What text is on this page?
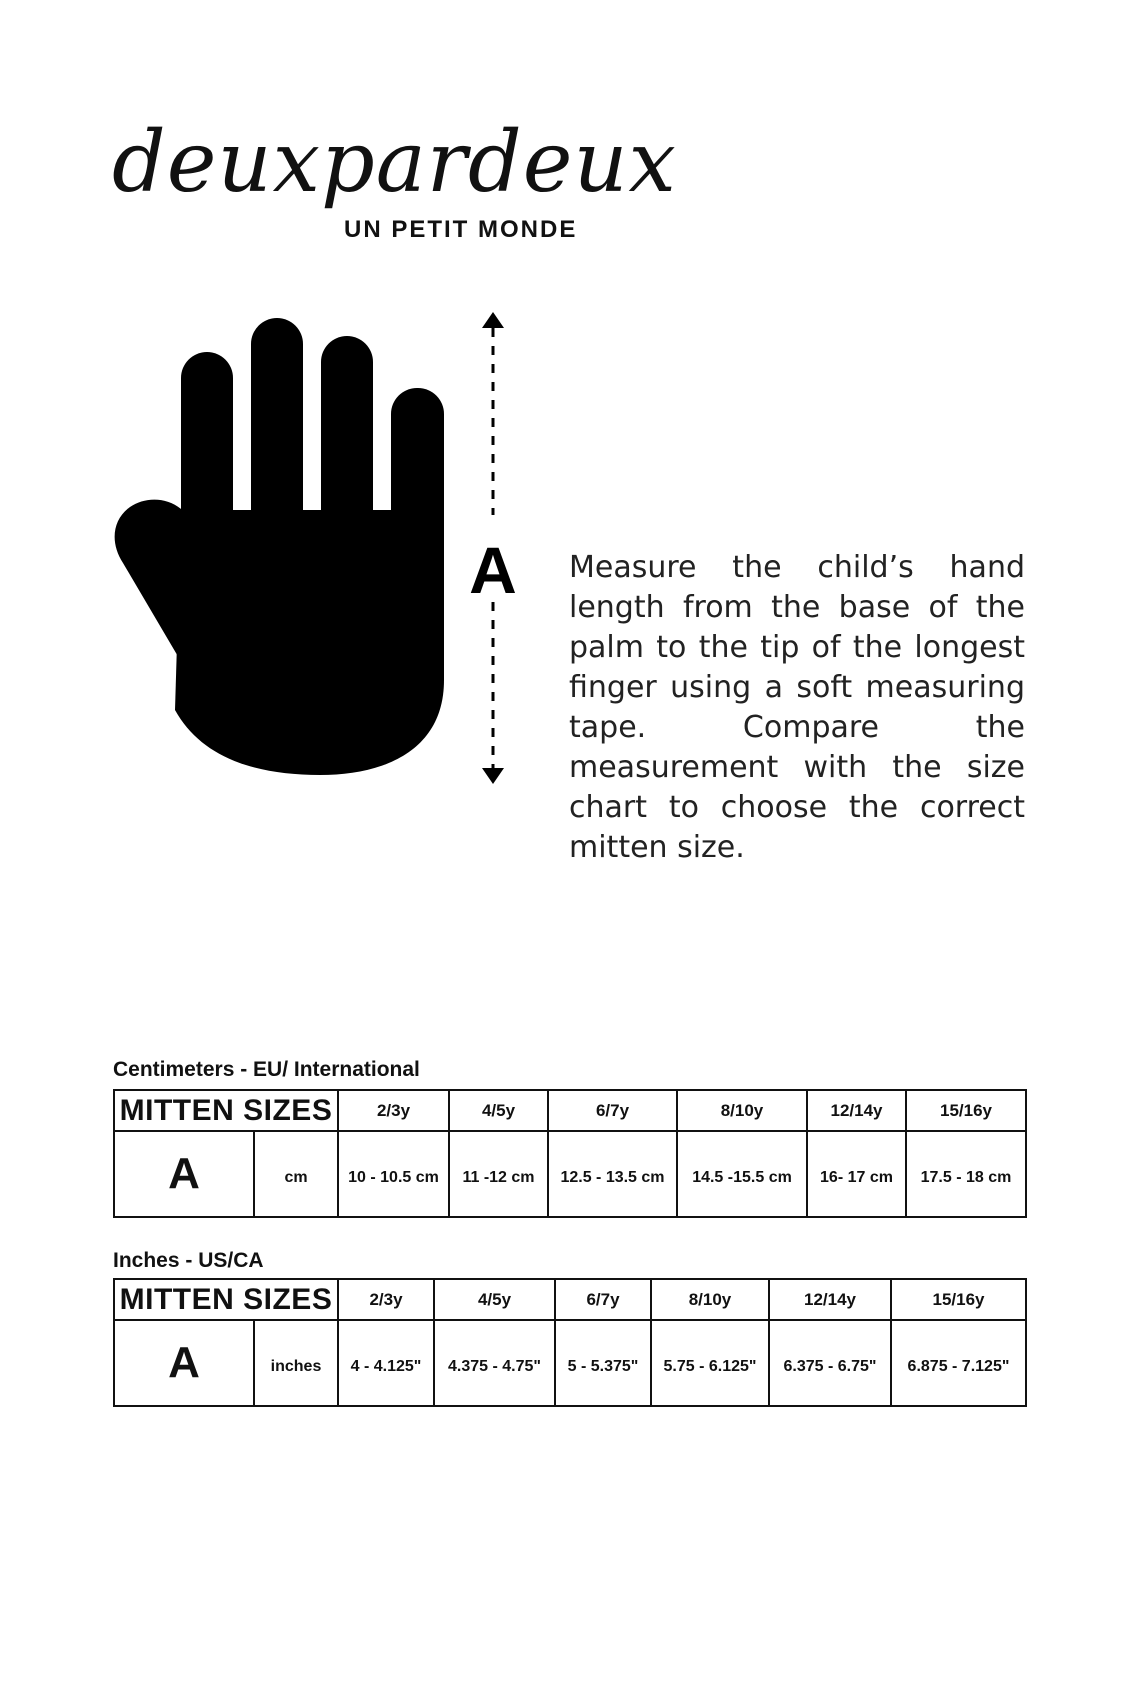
deuxpardeux
UN PETIT MONDE
A Measure the child’s hand length from the base of the palm to the tip of the longest finger using a soft measuring tape. Compare the measurement with the size chart to choose the correct mitten size.
Centimeters - EU/ International
MITTEN SIZES		2/3y	4/5y	6/7y	8/10y	12/14y	15/16y
A	cm	10 - 10.5 cm	11 -12 cm	12.5 - 13.5 cm	14.5 -15.5 cm	16- 17 cm	17.5 - 18 cm
Inches - US/CA
MITTEN SIZES		2/3y	4/5y	6/7y	8/10y	12/14y	15/16y
A	inches	4 - 4.125"	4.375 - 4.75"	5 - 5.375"	5.75 - 6.125"	6.375 - 6.75"	6.875 - 7.125"
